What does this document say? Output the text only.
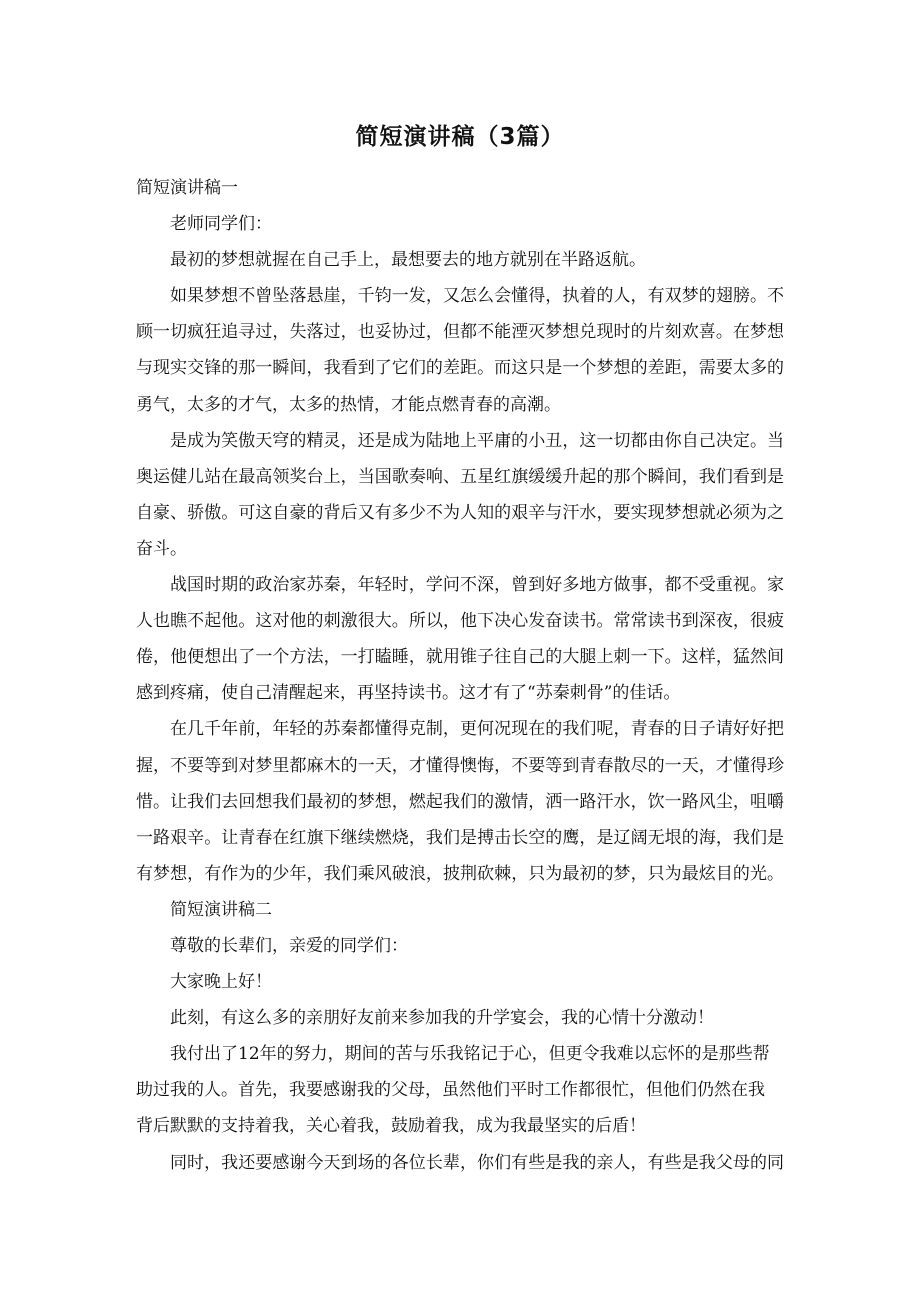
简短演讲稿（3篇）

简短演讲稿一

老师同学们：

最初的梦想就握在自己手上，最想要去的地方就别在半路返航。

如果梦想不曾坠落悬崖，千钧一发，又怎么会懂得，执着的人，有双梦的翅膀。不

顾一切疯狂追寻过，失落过，也妥协过，但都不能湮灭梦想兑现时的片刻欢喜。在梦想

与现实交锋的那一瞬间，我看到了它们的差距。而这只是一个梦想的差距，需要太多的

勇气，太多的才气，太多的热情，才能点燃青春的高潮。

是成为笑傲天穹的精灵，还是成为陆地上平庸的小丑，这一切都由你自己决定。当

奥运健儿站在最高领奖台上，当国歌奏响、五星红旗缓缓升起的那个瞬间，我们看到是

自豪、骄傲。可这自豪的背后又有多少不为人知的艰辛与汗水，要实现梦想就必须为之

奋斗。

战国时期的政治家苏秦，年轻时，学问不深，曾到好多地方做事，都不受重视。家

人也瞧不起他。这对他的刺激很大。所以，他下决心发奋读书。常常读书到深夜，很疲

倦，他便想出了一个方法，一打瞌睡，就用锥子往自己的大腿上刺一下。这样，猛然间

感到疼痛，使自己清醒起来，再坚持读书。这才有了“苏秦刺骨”的佳话。

在几千年前，年轻的苏秦都懂得克制，更何况现在的我们呢，青春的日子请好好把

握，不要等到对梦里都麻木的一天，才懂得懊悔，不要等到青春散尽的一天，才懂得珍

惜。让我们去回想我们最初的梦想，燃起我们的激情，洒一路汗水，饮一路风尘，咀嚼

一路艰辛。让青春在红旗下继续燃烧，我们是搏击长空的鹰，是辽阔无垠的海，我们是

有梦想，有作为的少年，我们乘风破浪，披荆砍棘，只为最初的梦，只为最炫目的光。

简短演讲稿二

尊敬的长辈们，亲爱的同学们：

大家晚上好！

此刻，有这么多的亲朋好友前来参加我的升学宴会，我的心情十分激动！

我付出了12年的努力，期间的苦与乐我铭记于心，但更令我难以忘怀的是那些帮

助过我的人。首先，我要感谢我的父母，虽然他们平时工作都很忙，但他们仍然在我

背后默默的支持着我，关心着我，鼓励着我，成为我最坚实的后盾！

同时，我还要感谢今天到场的各位长辈，你们有些是我的亲人，有些是我父母的同
